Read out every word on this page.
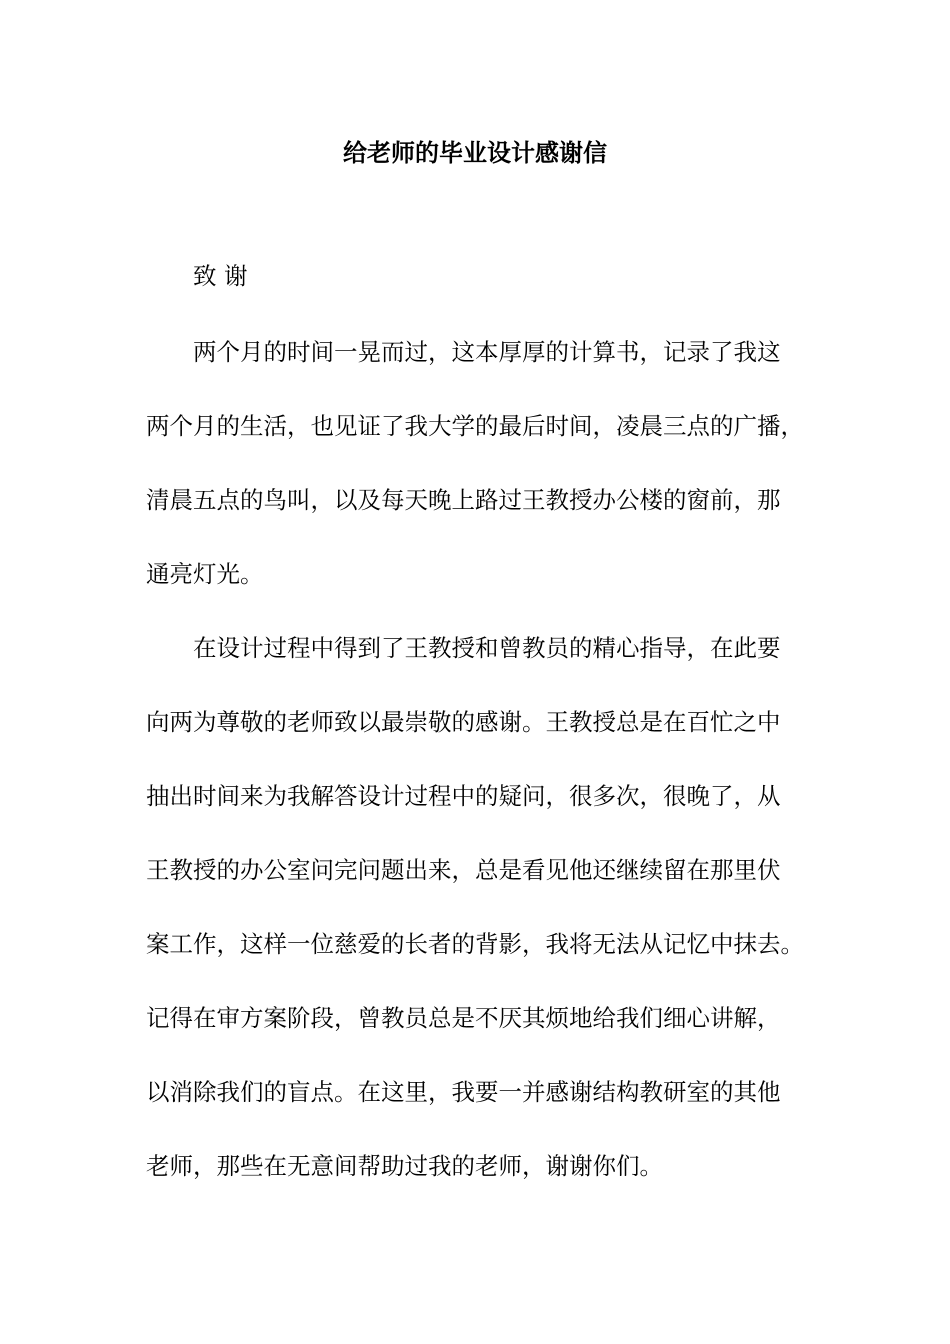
给老师的毕业设计感谢信

致 谢

两个月的时间一晃而过，这本厚厚的计算书，记录了我这

两个月的生活，也见证了我大学的最后时间，凌晨三点的广播，

清晨五点的鸟叫，以及每天晚上路过王教授办公楼的窗前，那

通亮灯光。

在设计过程中得到了王教授和曾教员的精心指导，在此要

向两为尊敬的老师致以最崇敬的感谢。王教授总是在百忙之中

抽出时间来为我解答设计过程中的疑问，很多次，很晚了，从

王教授的办公室问完问题出来，总是看见他还继续留在那里伏

案工作，这样一位慈爱的长者的背影，我将无法从记忆中抹去。

记得在审方案阶段，曾教员总是不厌其烦地给我们细心讲解，

以消除我们的盲点。在这里，我要一并感谢结构教研室的其他

老师，那些在无意间帮助过我的老师，谢谢你们。
